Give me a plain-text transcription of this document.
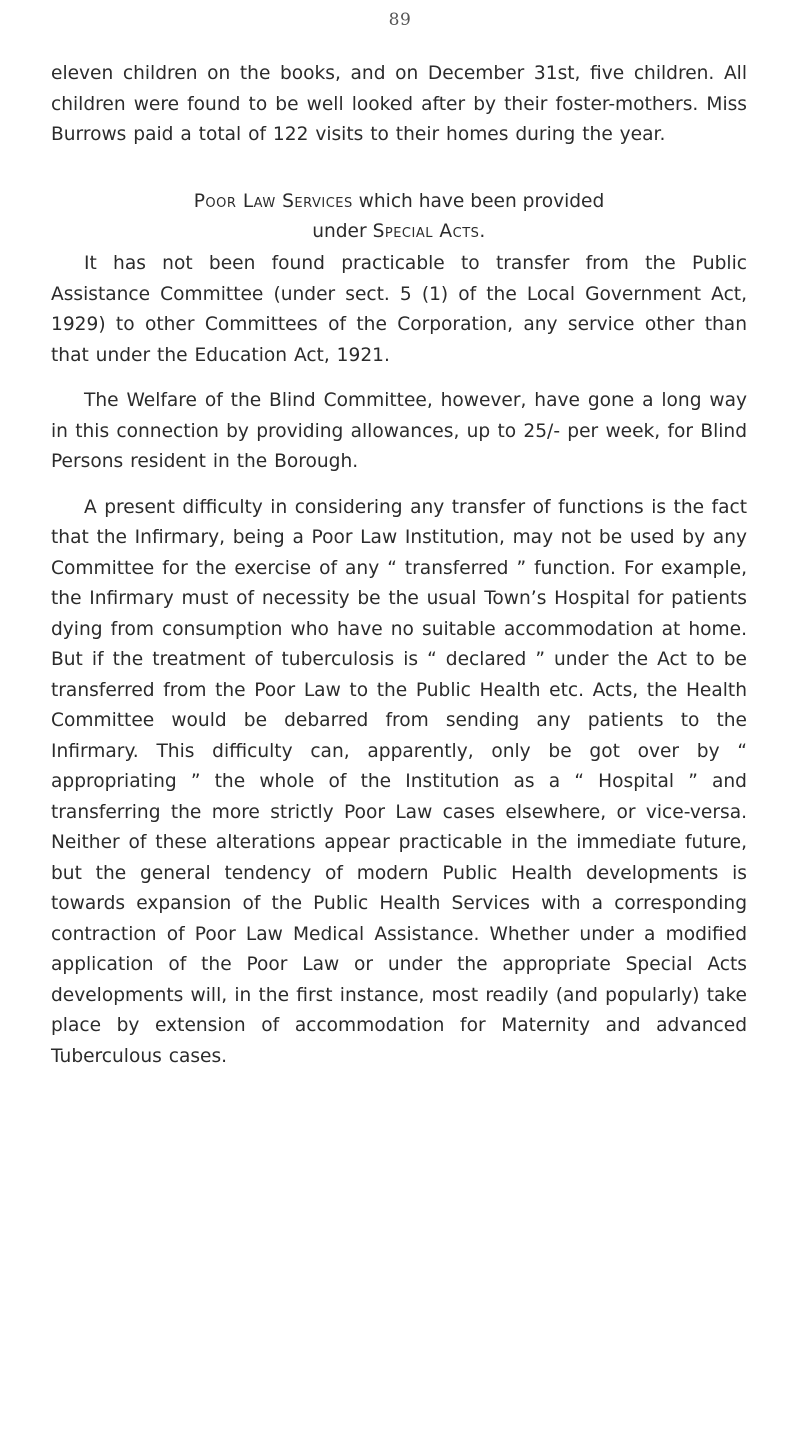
89

eleven children on the books, and on December 31st, five children. All children were found to be well looked after by their foster-mothers. Miss Burrows paid a total of 122 visits to their homes during the year.

Poor Law Services which have been provided
under Special Acts.

It has not been found practicable to transfer from the Public Assistance Committee (under sect. 5 (1) of the Local Government Act, 1929) to other Committees of the Corporation, any service other than that under the Education Act, 1921.

The Welfare of the Blind Committee, however, have gone a long way in this connection by providing allowances, up to 25/- per week, for Blind Persons resident in the Borough.

A present difficulty in considering any transfer of functions is the fact that the Infirmary, being a Poor Law Institution, may not be used by any Committee for the exercise of any “ transferred ” function. For example, the Infirmary must of necessity be the usual Town’s Hospital for patients dying from consumption who have no suitable accommodation at home. But if the treatment of tuberculosis is “ declared ” under the Act to be transferred from the Poor Law to the Public Health etc. Acts, the Health Committee would be debarred from sending any patients to the Infirmary. This difficulty can, apparently, only be got over by “ appropriating ” the whole of the Institution as a “ Hospital ” and transferring the more strictly Poor Law cases elsewhere, or vice-versa. Neither of these alterations appear practicable in the immediate future, but the general tendency of modern Public Health developments is towards expansion of the Public Health Services with a corresponding contraction of Poor Law Medical Assistance. Whether under a modified application of the Poor Law or under the appropriate Special Acts developments will, in the first instance, most readily (and popularly) take place by extension of accommodation for Maternity and advanced Tuberculous cases.
